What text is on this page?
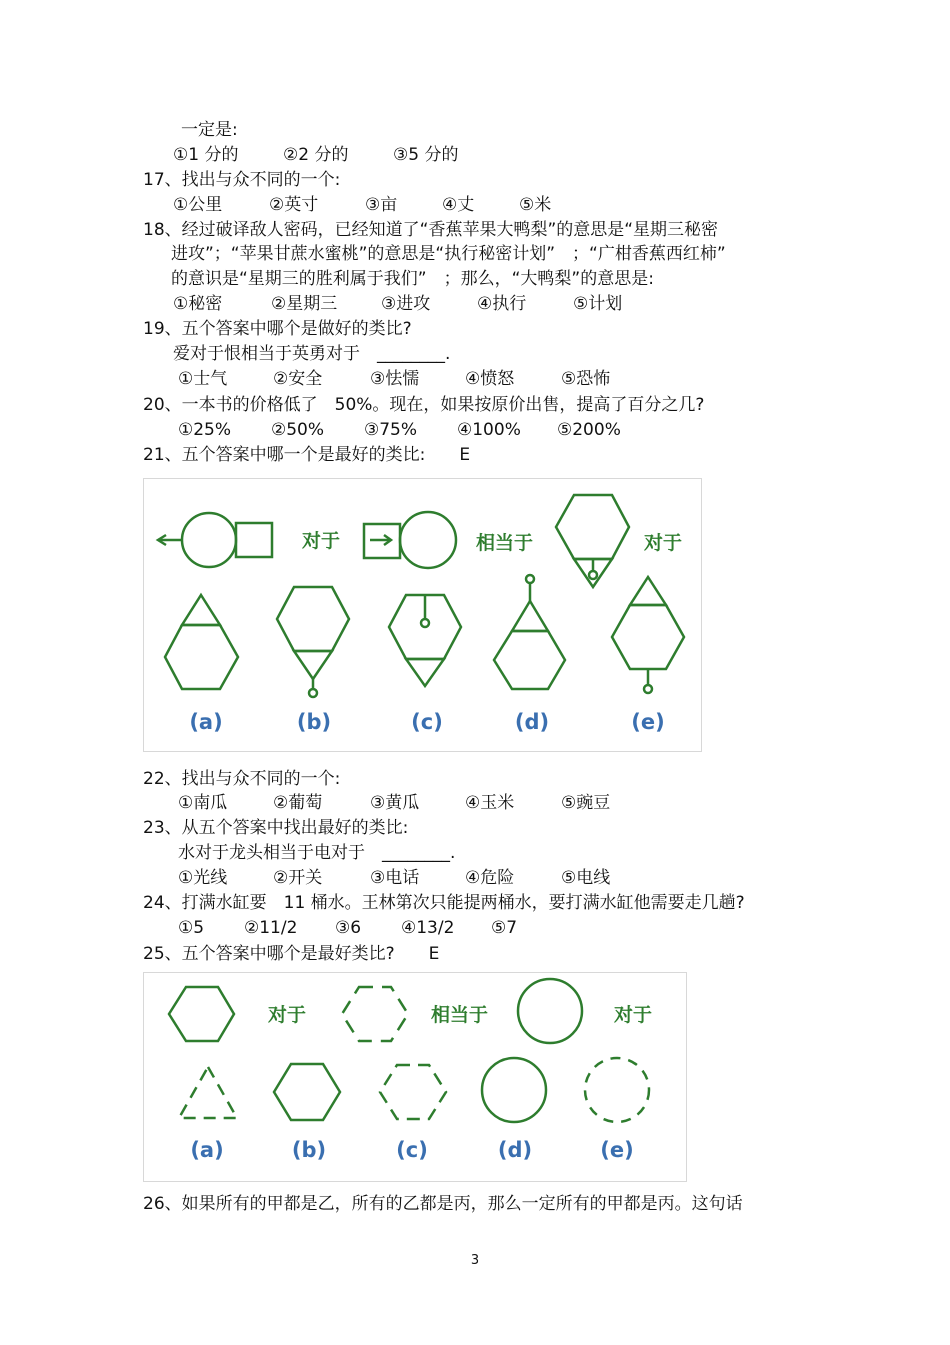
一定是:
①1 分的	②2 分的	③5 分的
17、找出与众不同的一个:
①公里	②英寸	③亩	④丈	⑤米
18、经过破译敌人密码，已经知道了“香蕉苹果大鸭梨”的意思是“星期三秘密
进攻”；“苹果甘蔗水蜜桃”的意思是“执行秘密计划”　；“广柑香蕉西红柿”
的意识是“星期三的胜利属于我们”　；那么，“大鸭梨”的意思是:
①秘密	②星期三	③进攻	④执行	⑤计划
19、五个答案中哪个是做好的类比?
爱对于恨相当于英勇对于　________.
①士气	②安全	③怯懦	④愤怒	⑤恐怖
20、一本书的价格低了　50%。现在，如果按原价出售，提高了百分之几?
①25% ②50% ③75% ④100% ⑤200%
21、五个答案中哪一个是最好的类比:　　E
对于	相当于	对于
(a)	(b)	(c)	(d)	(e)
22、找出与众不同的一个:
①南瓜	②葡萄	③黄瓜	④玉米	⑤豌豆
23、从五个答案中找出最好的类比:
水对于龙头相当于电对于　________.
①光线	②开关	③电话	④危险	⑤电线
24、打满水缸要　11 桶水。王林第次只能提两桶水，要打满水缸他需要走几趟?
①5 ②11/2 ③6 ④13/2 ⑤7
25、五个答案中哪个是最好类比?　　E
对于	相当于	对于
(a)	(b)	(c)	(d)	(e)
26、如果所有的甲都是乙，所有的乙都是丙，那么一定所有的甲都是丙。这句话
3
